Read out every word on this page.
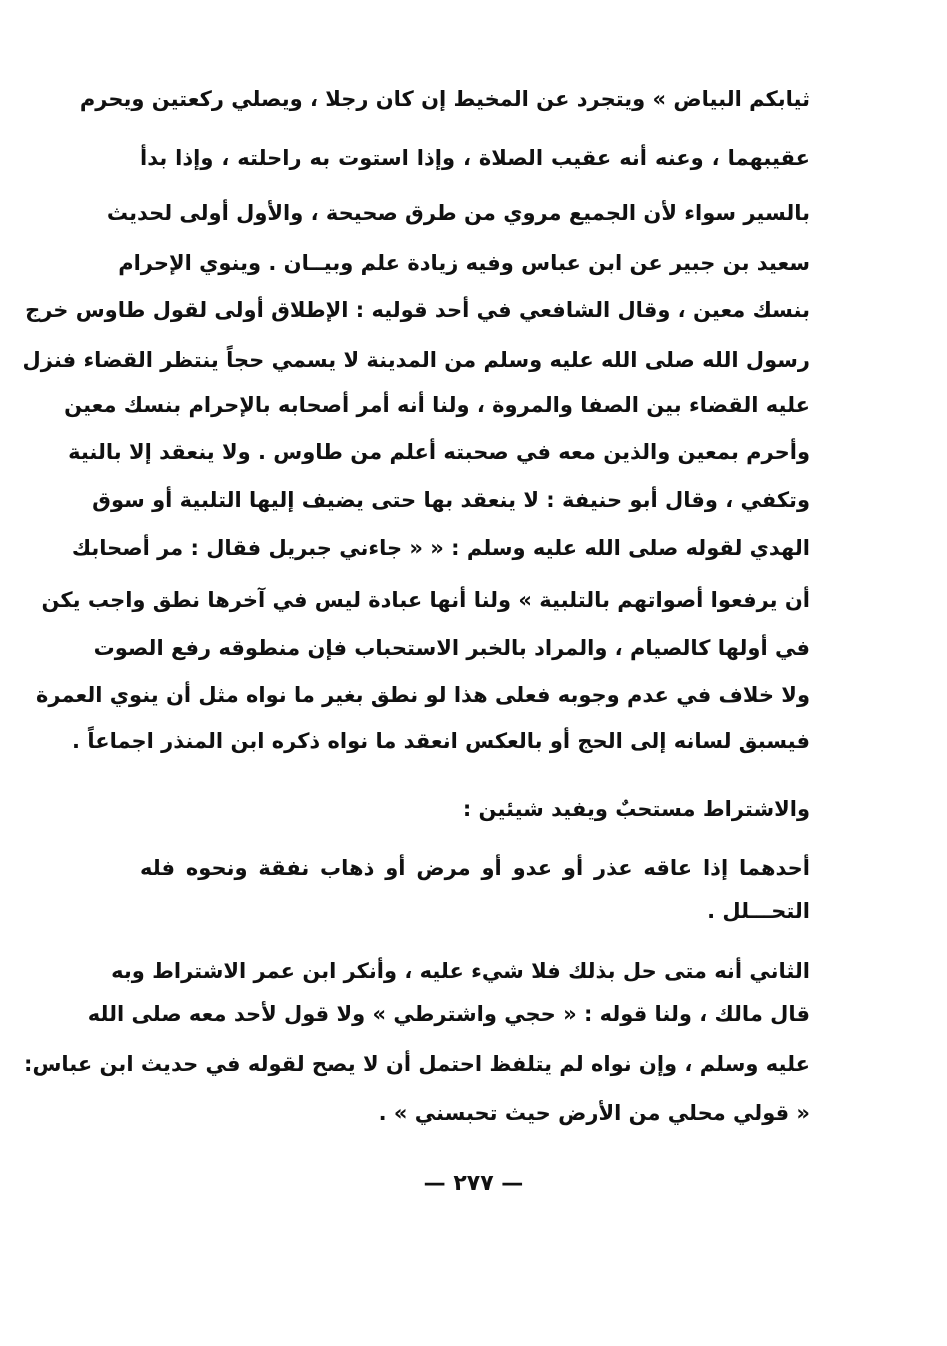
ثيابكم البياض » ويتجرد عن المخيط إن كان رجلا ، ويصلي ركعتين ويحرم
عقيبهما ، وعنه أنه عقيب الصلاة ، وإذا استوت به راحلته ، وإذا بدأ
بالسير سواء لأن الجميع مروي من طرق صحيحة ، والأول أولى لحديث
سعيد بن جبير عن ابن عباس وفيه زيادة علم وبيــان . وينوي الإحرام
بنسك معين ، وقال الشافعي في أحد قوليه : الإطلاق أولى لقول طاوس خرج
رسول الله صلى الله عليه وسلم من المدينة لا يسمي حجاً ينتظر القضاء فنزل
عليه القضاء بين الصفا والمروة ، ولنا أنه أمر أصحابه بالإحرام بنسك معين
وأحرم بمعين والذين معه في صحبته أعلم من طاوس . ولا ينعقد إلا بالنية
وتكفي ، وقال أبو حنيفة : لا ينعقد بها حتى يضيف إليها التلبية أو سوق
الهدي لقوله صلى الله عليه وسلم : « « جاءني جبريل فقال : مر أصحابك
أن يرفعوا أصواتهم بالتلبية » ولنا أنها عبادة ليس في آخرها نطق واجب يكن
في أولها كالصيام ، والمراد بالخبر الاستحباب فإن منطوقه رفع الصوت
ولا خلاف في عدم وجوبه فعلى هذا لو نطق بغير ما نواه مثل أن ينوي العمرة
فيسبق لسانه إلى الحج أو بالعكس انعقد ما نواه ذكره ابن المنذر اجماعاً .
والاشتراط مستحبٌ ويفيد شيئين :
أحدهما إذا عاقه عذر أو عدو أو مرض أو ذهاب نفقة ونحوه فله
التحـــلل .
الثاني أنه متى حل بذلك فلا شيء عليه ، وأنكر ابن عمر الاشتراط وبه
قال مالك ، ولنا قوله : « حجي واشترطي » ولا قول لأحد معه صلى الله
عليه وسلم ، وإن نواه لم يتلفظ احتمل أن لا يصح لقوله في حديث ابن عباس:
« قولي محلي من الأرض حيث تحبسني » .
— ٢٧٧ —
